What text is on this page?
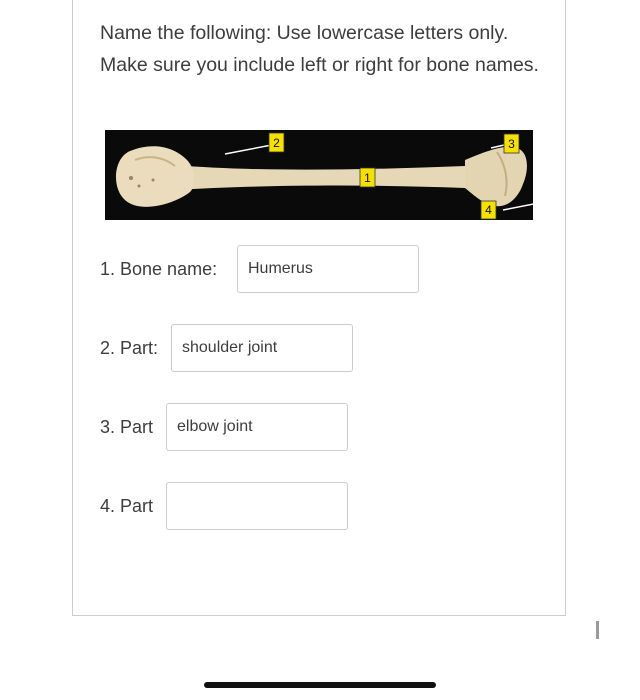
Name the following: Use lowercase letters only. Make sure you include left or right for bone names.

2	3
1
4
1. Bone name:
Humerus
2. Part:
shoulder joint
3. Part
elbow joint
4. Part
